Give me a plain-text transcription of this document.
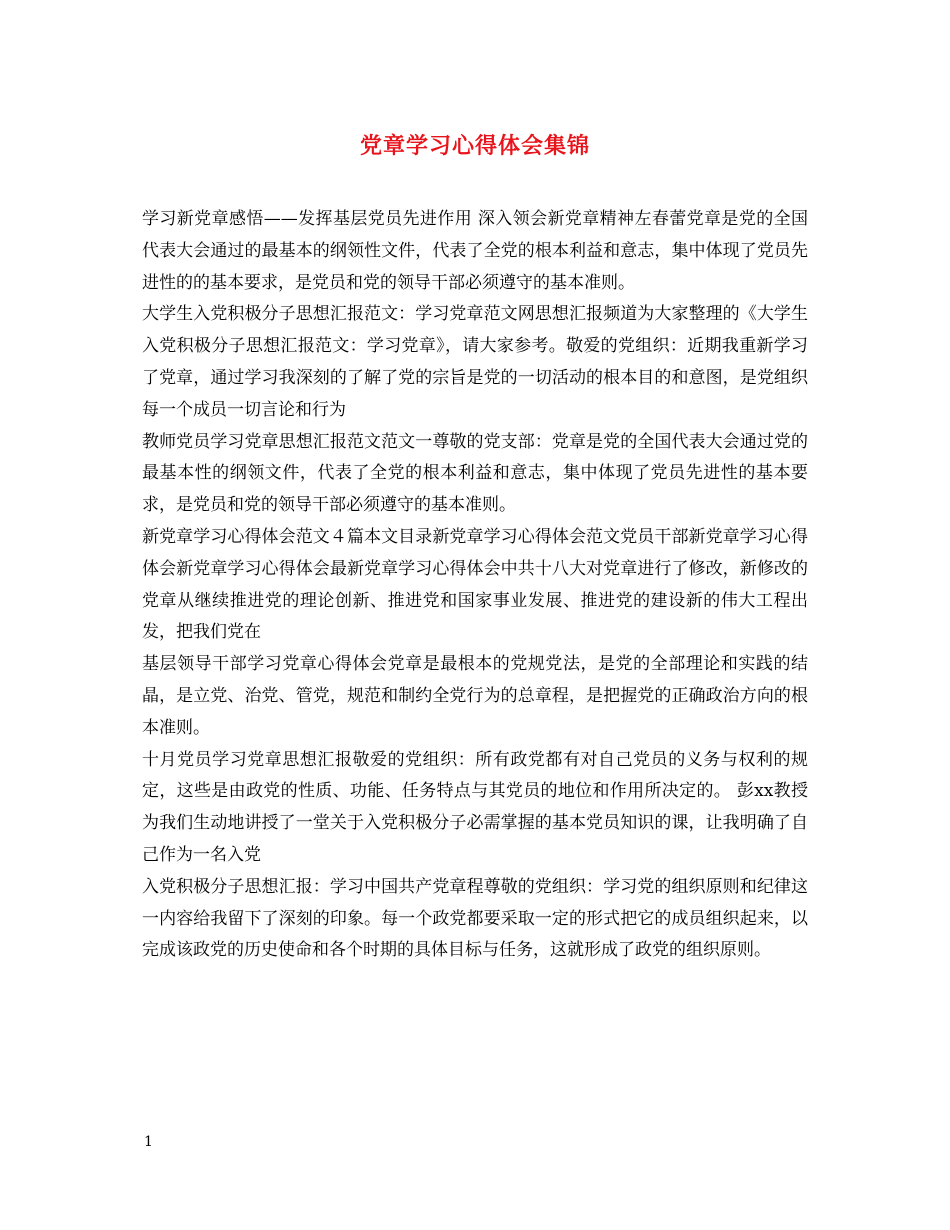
党章学习心得体会集锦

学习新党章感悟——发挥基层党员先进作用 深入领会新党章精神左春蕾党章是党的全国代表大会通过的最基本的纲领性文件，代表了全党的根本利益和意志，集中体现了党员先进性的的基本要求，是党员和党的领导干部必须遵守的基本准则。

大学生入党积极分子思想汇报范文：学习党章范文网思想汇报频道为大家整理的《大学生入党积极分子思想汇报范文：学习党章》，请大家参考。敬爱的党组织：近期我重新学习了党章，通过学习我深刻的了解了党的宗旨是党的一切活动的根本目的和意图，是党组织每一个成员一切言论和行为

教师党员学习党章思想汇报范文范文一尊敬的党支部：党章是党的全国代表大会通过党的最基本性的纲领文件，代表了全党的根本利益和意志，集中体现了党员先进性的基本要求，是党员和党的领导干部必须遵守的基本准则。

新党章学习心得体会范文４篇本文目录新党章学习心得体会范文党员干部新党章学习心得体会新党章学习心得体会最新党章学习心得体会中共十八大对党章进行了修改，新修改的党章从继续推进党的理论创新、推进党和国家事业发展、推进党的建设新的伟大工程出发，把我们党在

基层领导干部学习党章心得体会党章是最根本的党规党法，是党的全部理论和实践的结晶，是立党、治党、管党，规范和制约全党行为的总章程，是把握党的正确政治方向的根本准则。

十月党员学习党章思想汇报敬爱的党组织：所有政党都有对自己党员的义务与权利的规定，这些是由政党的性质、功能、任务特点与其党员的地位和作用所决定的。 彭xx教授为我们生动地讲授了一堂关于入党积极分子必需掌握的基本党员知识的课，让我明确了自己作为一名入党

入党积极分子思想汇报：学习中国共产党章程尊敬的党组织：学习党的组织原则和纪律这一内容给我留下了深刻的印象。每一个政党都要采取一定的形式把它的成员组织起来，以完成该政党的历史使命和各个时期的具体目标与任务，这就形成了政党的组织原则。

1
